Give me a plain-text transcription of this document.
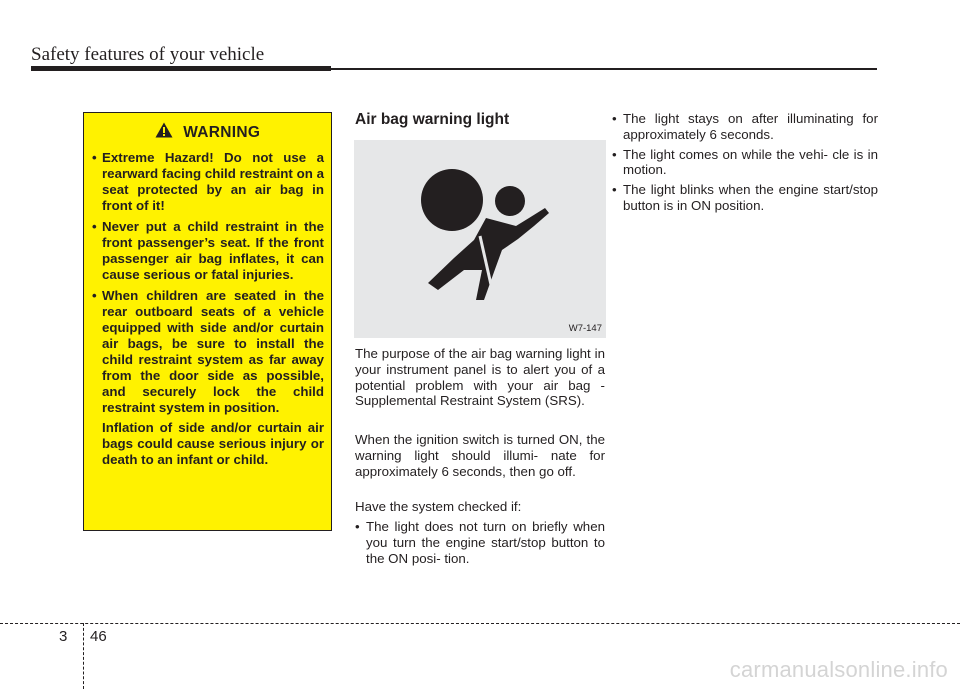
Safety features of your vehicle
WARNING
• Extreme Hazard! Do not use a rearward facing child restraint on a seat protected by an air bag in front of it!
• Never put a child restraint in the front passenger’s seat. If the front passenger air bag inflates, it can cause serious or fatal injuries.
• When children are seated in the rear outboard seats of a vehicle equipped with side and/or curtain air bags, be sure to install the child restraint system as far away from the door side as possible, and securely lock the child restraint system in position.
Inflation of side and/or curtain air bags could cause serious injury or death to an infant or child.
Air bag warning light
W7-147
The purpose of the air bag warning light in your instrument panel is to alert you of a potential problem with your air bag - Supplemental Restraint System (SRS).
When the ignition switch is turned ON, the warning light should illumi- nate for approximately 6 seconds, then go off.
Have the system checked if:
• The light does not turn on briefly when you turn the engine start/stop button to the ON posi- tion.
• The light stays on after illuminating for approximately 6 seconds.
• The light comes on while the vehi- cle is in motion.
• The light blinks when the engine start/stop button is in ON position.
3 46
carmanualsonline.info
